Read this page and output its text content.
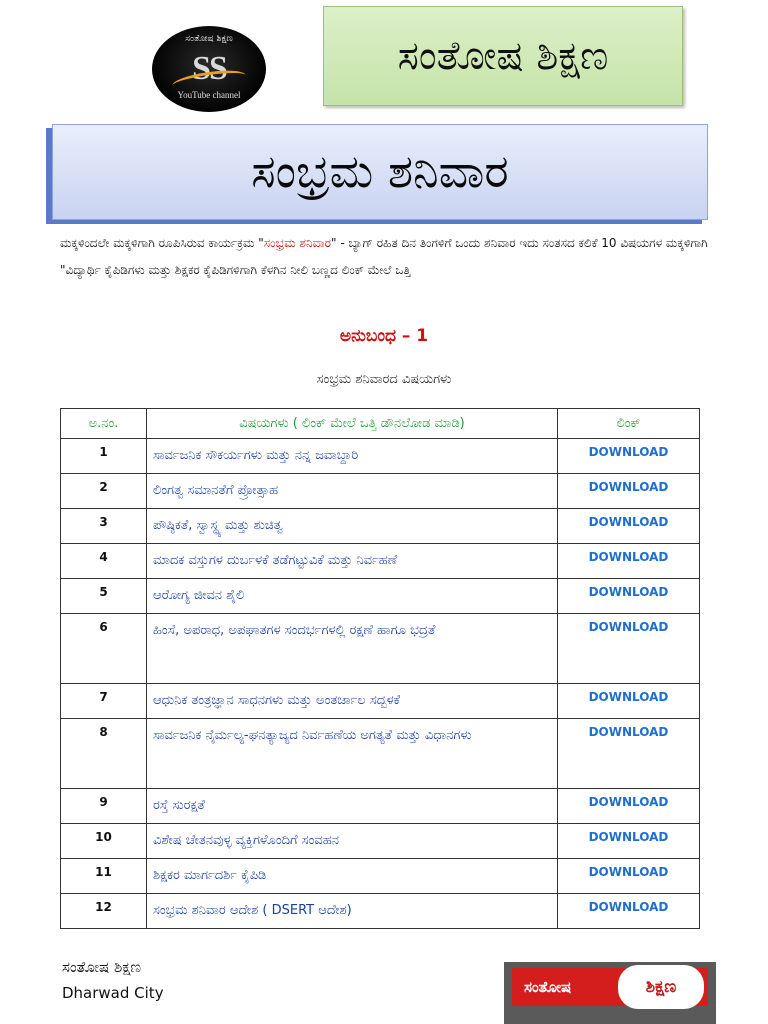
ಸಂತೋಷ ಶಿಕ್ಷಣ
SS
YouTube channel
ಸಂತೋಷ ಶಿಕ್ಷಣ
ಸಂಭ್ರಮ ಶನಿವಾರ
ಮಕ್ಕಳಿಂದಲೇ ಮಕ್ಕಳಿಗಾಗಿ ರೂಪಿಸಿರುವ ಕಾರ್ಯಕ್ರಮ "ಸಂಭ್ರಮ ಶನಿವಾರ" - ಬ್ಯಾಗ್ ರಹಿತ ದಿನ ತಿಂಗಳಿಗೆ ಒಂದು ಶನಿವಾರ ಇದು ಸಂತಸದ ಕಲಿಕೆ 10 ವಿಷಯಗಳ ಮಕ್ಕಳಿಗಾಗಿ "ವಿದ್ಯಾರ್ಥಿ ಕೈಪಿಡಿಗಳು ಮತ್ತು ಶಿಕ್ಷಕರ ಕೈಪಿಡಿಗಳಿಗಾಗಿ ಕೆಳಗಿನ ನೀಲಿ ಬಣ್ಣದ ಲಿಂಕ್ ಮೇಲೆ ಒತ್ತಿ
ಅನುಬಂಧ – 1
ಸಂಭ್ರಮ ಶನಿವಾರದ ವಿಷಯಗಳು
ಅ.ನಂ.	ವಿಷಯಗಳು ( ಲಿಂಕ್ ಮೇಲೆ ಒತ್ತಿ ಡೌನಲೋಡ ಮಾಡಿ)	ಲಿಂಕ್
1	ಸಾರ್ವಜನಿಕ ಸೌಕರ್ಯಗಳು ಮತ್ತು ನನ್ನ ಜವಾಬ್ದಾರಿ	DOWNLOAD
2	ಲಿಂಗತ್ವ ಸಮಾನತೆಗೆ ಪ್ರೋತ್ಸಾಹ	DOWNLOAD
3	ಪೌಷ್ಠಿಕತೆ, ಸ್ವಾಸ್ಥ್ಯ ಮತ್ತು ಶುಚಿತ್ವ	DOWNLOAD
4	ಮಾದಕ ವಸ್ತುಗಳ ದುರ್ಬಳಕೆ ತಡೆಗಟ್ಟುವಿಕೆ ಮತ್ತು ನಿರ್ವಹಣೆ	DOWNLOAD
5	ಆರೋಗ್ಯ ಜೀವನ ಶೈಲಿ	DOWNLOAD
6	ಹಿಂಸೆ, ಅಪರಾಧ, ಅಪಘಾತಗಳ ಸಂದರ್ಭಗಳಲ್ಲಿ ರಕ್ಷಣೆ ಹಾಗೂ ಭದ್ರತೆ	DOWNLOAD
7	ಆಧುನಿಕ ತಂತ್ರಜ್ಞಾನ ಸಾಧನಗಳು ಮತ್ತು ಅಂತರ್ಜಾಲ ಸದ್ಬಳಕೆ	DOWNLOAD
8	ಸಾರ್ವಜನಿಕ ನೈರ್ಮಲ್ಯ-ಘನತ್ಯಾಜ್ಯದ ನಿರ್ವಹಣೆಯ ಅಗತ್ಯತೆ ಮತ್ತು ವಿಧಾನಗಳು	DOWNLOAD
9	ರಸ್ತೆ ಸುರಕ್ಷತೆ	DOWNLOAD
10	ವಿಶೇಷ ಚೇತನವುಳ್ಳ ವ್ಯಕ್ತಿಗಳೊಂದಿಗೆ ಸಂವಹನ	DOWNLOAD
11	ಶಿಕ್ಷಕರ ಮಾರ್ಗದರ್ಶಿ ಕೈಪಿಡಿ	DOWNLOAD
12	ಸಂಭ್ರಮ ಶನಿವಾರ ಆದೇಶ ( DSERT ಆದೇಶ)	DOWNLOAD
ಸಂತೋಷ ಶಿಕ್ಷಣ
Dharwad City	ಸಂತೋಷ	ಶಿಕ್ಷಣ
